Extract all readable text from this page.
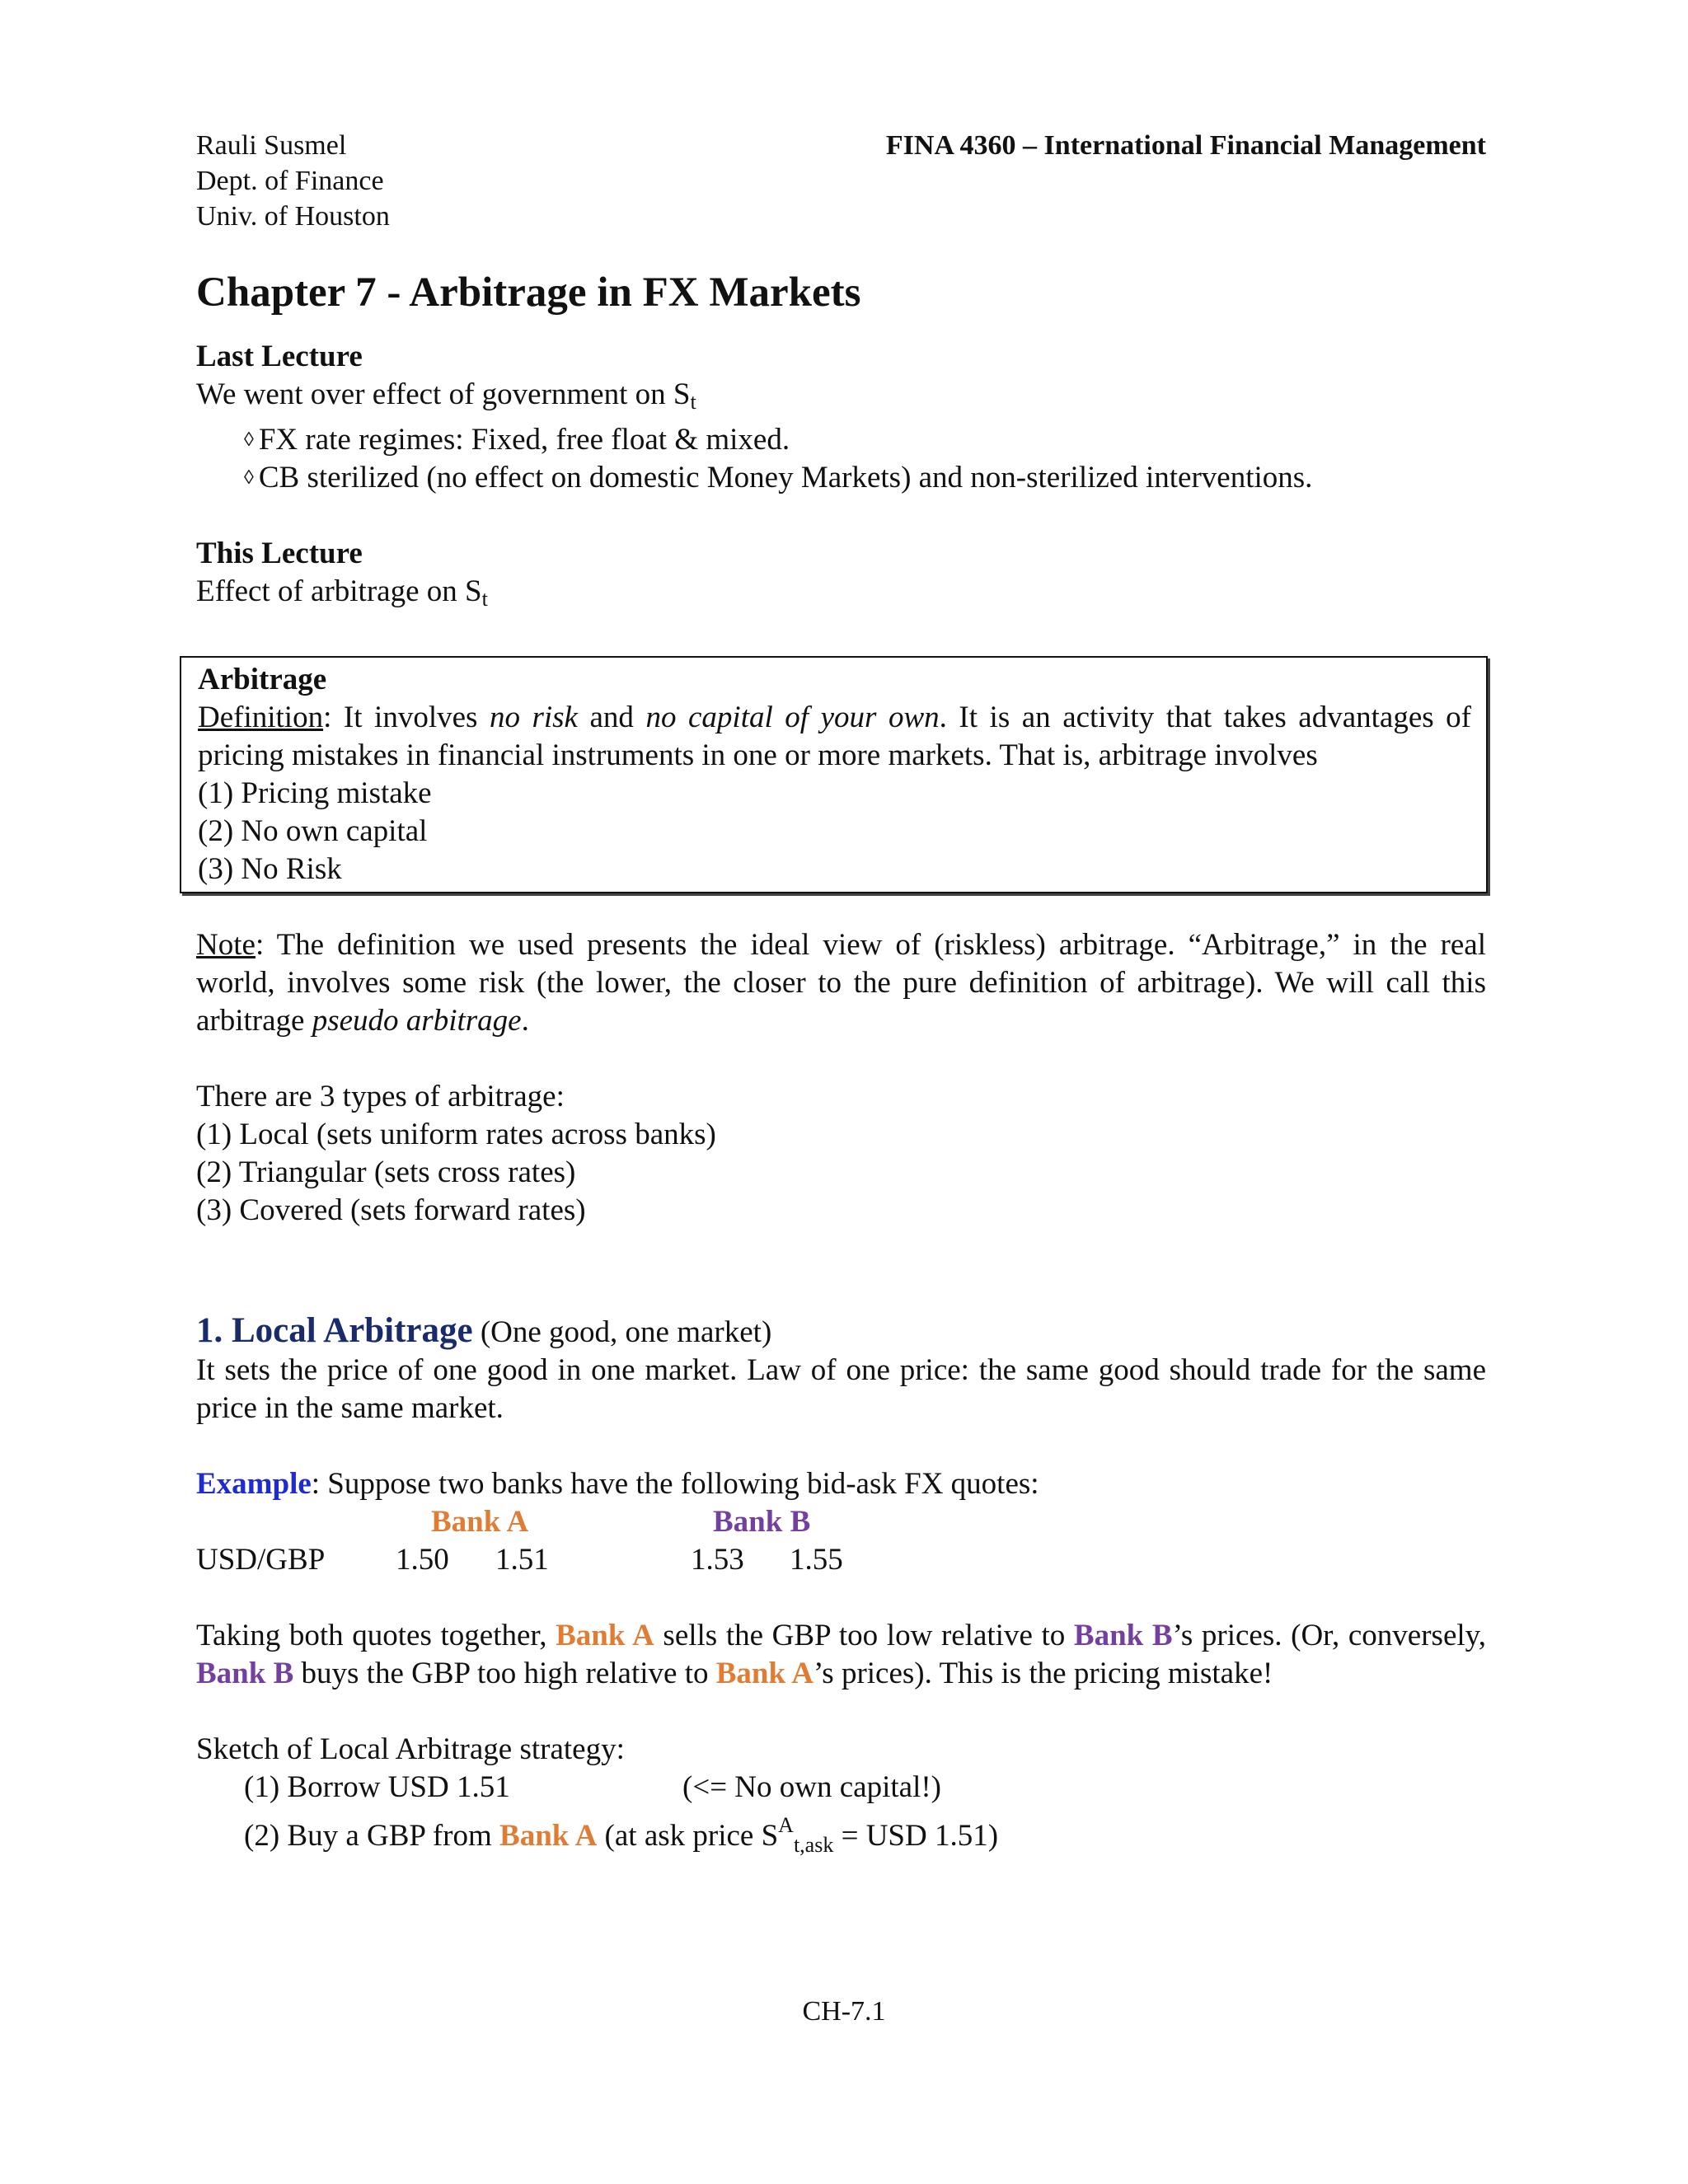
Rauli Susmel
Dept. of Finance
Univ. of Houston
FINA 4360 – International Financial Management
Chapter 7 - Arbitrage in FX Markets

Last Lecture

We went over effect of government on $S_t$

◊ FX rate regimes: Fixed, free float & mixed.

◊ CB sterilized (no effect on domestic Money Markets) and non-sterilized interventions.

This Lecture

Effect of arbitrage on $S_t$

Arbitrage

Definition: It involves no risk and no capital of your own. It is an activity that takes advantages of pricing mistakes in financial instruments in one or more markets. That is, arbitrage involves

(1) Pricing mistake

(2) No own capital

(3) No Risk

Note: The definition we used presents the ideal view of (riskless) arbitrage. “Arbitrage,” in the real world, involves some risk (the lower, the closer to the pure definition of arbitrage). We will call this arbitrage pseudo arbitrage.

There are 3 types of arbitrage:

(1) Local (sets uniform rates across banks)

(2) Triangular (sets cross rates)

(3) Covered (sets forward rates)

1. Local Arbitrage (One good, one market)

It sets the price of one good in one market. Law of one price: the same good should trade for the same price in the same market.

Example: Suppose two banks have the following bid-ask FX quotes:

Bank A	Bank B
USD/GBP 1.50 1.51	1.53 1.55

Taking both quotes together, Bank A sells the GBP too low relative to Bank B’s prices. (Or, conversely, Bank B buys the GBP too high relative to Bank A’s prices). This is the pricing mistake!

Sketch of Local Arbitrage strategy:

(1) Borrow USD 1.51	(<= No own capital!)

(2) Buy a GBP from Bank A (at ask price $S^A_{t,ask}$ = USD 1.51)

CH-7.1
